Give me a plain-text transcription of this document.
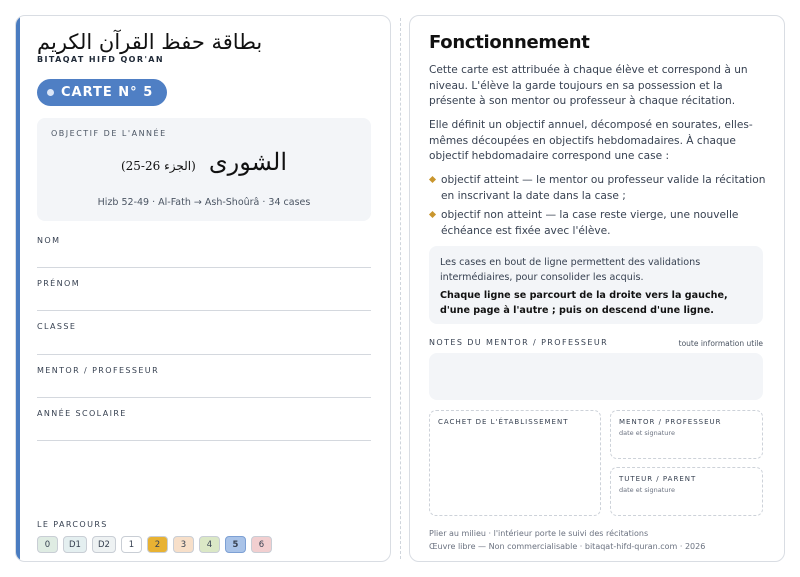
بطاقة حفظ القرآن الكريم
BITAQAT HIFD QOR'AN
CARTE N° 5
OBJECTIF DE L'ANNÉE
الشورى (الجزء 26-25)
Hizb 52-49 · Al-Fath → Ash-Shoûrâ · 34 cases
NOM
PRÉNOM
CLASSE
MENTOR / PROFESSEUR
ANNÉE SCOLAIRE
LE PARCOURS
0	D1	D2	1	2	3	4	5	6
Fonctionnement
Cette carte est attribuée à chaque élève et correspond à un niveau. L'élève la garde toujours en sa possession et la présente à son mentor ou professeur à chaque récitation.
Elle définit un objectif annuel, décomposé en sourates, elles-mêmes découpées en objectifs hebdomadaires. À chaque objectif hebdomadaire correspond une case :
objectif atteint — le mentor ou professeur valide la récitation en inscrivant la date dans la case ;
objectif non atteint — la case reste vierge, une nouvelle échéance est fixée avec l'élève.
Les cases en bout de ligne permettent des validations intermédiaires, pour consolider les acquis.
Chaque ligne se parcourt de la droite vers la gauche, d'une page à l'autre ; puis on descend d'une ligne.
NOTES DU MENTOR / PROFESSEUR	toute information utile
CACHET DE L'ÉTABLISSEMENT	MENTOR / PROFESSEUR
date et signature
TUTEUR / PARENT
date et signature
Plier au milieu · l'intérieur porte le suivi des récitations
Œuvre libre — Non commercialisable · bitaqat-hifd-quran.com · 2026
